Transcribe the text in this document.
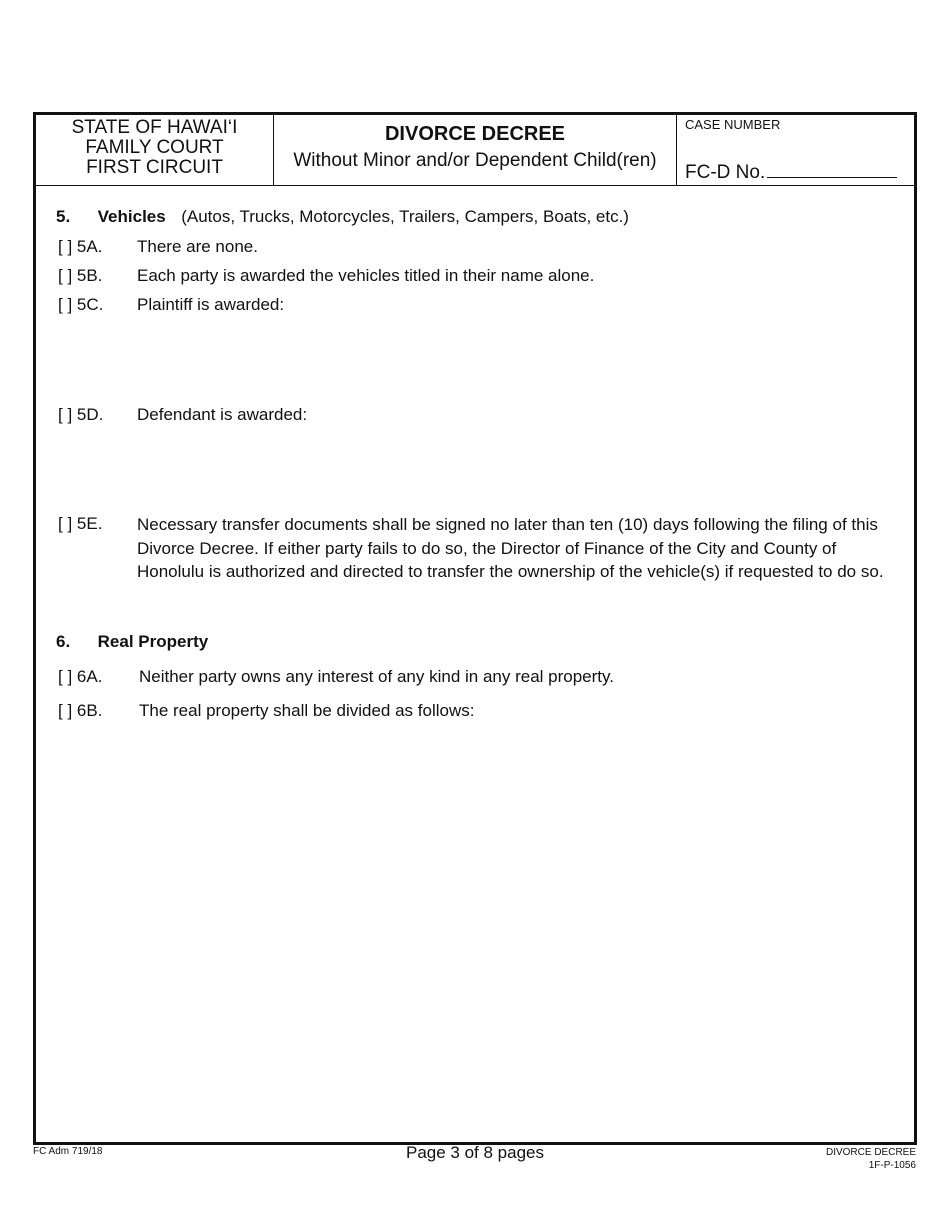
STATE OF HAWAI‘I
FAMILY COURT
FIRST CIRCUIT
DIVORCE DECREE
Without Minor and/or Dependent Child(ren)
CASE NUMBER
FC-D No.
5. Vehicles (Autos, Trucks, Motorcycles, Trailers, Campers, Boats, etc.)
[ ] 5A. There are none.
[ ] 5B. Each party is awarded the vehicles titled in their name alone.
[ ] 5C. Plaintiff is awarded:
[ ] 5D. Defendant is awarded:
[ ] 5E. Necessary transfer documents shall be signed no later than ten (10) days following the filing of this Divorce Decree. If either party fails to do so, the Director of Finance of the City and County of Honolulu is authorized and directed to transfer the ownership of the vehicle(s) if requested to do so.
6. Real Property
[ ] 6A. Neither party owns any interest of any kind in any real property.
[ ] 6B. The real property shall be divided as follows:
FC Adm 719/18	Page 3 of 8 pages	DIVORCE DECREE
1F-P-1056
